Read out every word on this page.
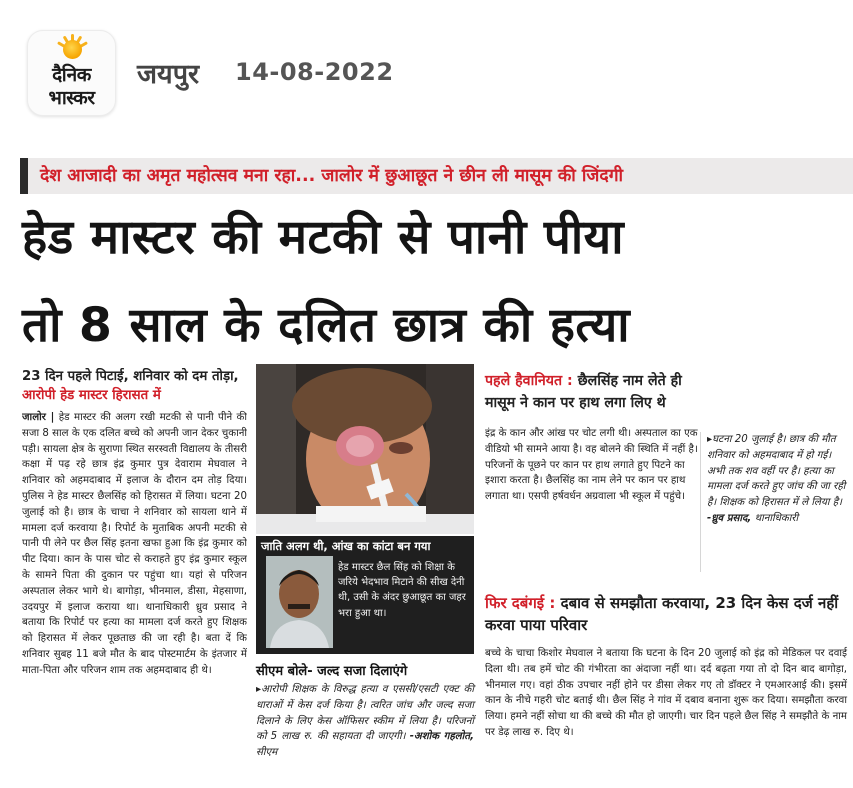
दैनिक
भास्कर
जयपुर 14-08-2022
देश आजादी का अमृत महोत्सव मना रहा... जालोर में छुआछूत ने छीन ली मासूम की जिंदगी
हेड मास्टर की मटकी से पानी पीया
तो 8 साल के दलित छात्र की हत्या
23 दिन पहले पिटाई, शनिवार को दम तोड़ा, आरोपी हेड मास्टर हिरासत में
जालोर | हेड मास्टर की अलग रखी मटकी से पानी पीने की सजा 8 साल के एक दलित बच्चे को अपनी जान देकर चुकानी पड़ी। सायला क्षेत्र के सुराणा स्थित सरस्वती विद्यालय के तीसरी कक्षा में पढ़ रहे छात्र इंद्र कुमार पुत्र देवाराम मेघवाल ने शनिवार को अहमदाबाद में इलाज के दौरान दम तोड़ दिया। पुलिस ने हेड मास्टर छैलसिंह को हिरासत में लिया। घटना 20 जुलाई को है। छात्र के चाचा ने शनिवार को सायला थाने में मामला दर्ज करवाया है। रिपोर्ट के मुताबिक अपनी मटकी से पानी पी लेने पर छैल सिंह इतना खफा हुआ कि इंद्र कुमार को पीट दिया। कान के पास चोट से कराहते हुए इंद्र कुमार स्कूल के सामने पिता की दुकान पर पहुंचा था। यहां से परिजन अस्पताल लेकर भागे थे। बागोड़ा, भीनमाल, डीसा, मेहसाणा, उदयपुर में इलाज कराया था। थानाधिकारी ध्रुव प्रसाद ने बताया कि रिपोर्ट पर हत्या का मामला दर्ज करते हुए शिक्षक को हिरासत में लेकर पूछताछ की जा रही है। बता दें कि शनिवार सुबह 11 बजे मौत के बाद पोस्टमार्टम के इंतजार में माता-पिता और परिजन शाम तक अहमदाबाद ही थे।
जाति अलग थी, आंख का कांटा बन गया
हेड मास्टर छैल सिंह को शिक्षा के जरिये भेदभाव मिटाने की सीख देनी थी, उसी के अंदर छुआछूत का जहर भरा हुआ था।
सीएम बोले- जल्द सजा दिलाएंगे
▸आरोपी शिक्षक के विरुद्ध हत्या व एससी/एसटी एक्ट की धाराओं में केस दर्ज किया है। त्वरित जांच और जल्द सजा दिलाने के लिए केस ऑफिसर स्कीम में लिया है। परिजनों को 5 लाख रु. की सहायता दी जाएगी। -अशोक गहलोत, सीएम
पहले हैवानियत : छैलसिंह नाम लेते ही मासूम ने कान पर हाथ लगा लिए थे
इंद्र के कान और आंख पर चोट लगी थी। अस्पताल का एक वीडियो भी सामने आया है। वह बोलने की स्थिति में नहीं है। परिजनों के पूछने पर कान पर हाथ लगाते हुए पिटने का इशारा करता है। छैलसिंह का नाम लेने पर कान पर हाथ लगाता था। एसपी हर्षवर्धन अग्रवाला भी स्कूल में पहुंचे।
▸घटना 20 जुलाई है। छात्र की मौत शनिवार को अहमदाबाद में हो गई। अभी तक शव वहीं पर है। हत्या का मामला दर्ज करते हुए जांच की जा रही है। शिक्षक को हिरासत में ले लिया है। -ध्रुव प्रसाद, थानाधिकारी
फिर दबंगई : दबाव से समझौता करवाया, 23 दिन केस दर्ज नहीं करवा पाया परिवार
बच्चे के चाचा किशोर मेघवाल ने बताया कि घटना के दिन 20 जुलाई को इंद्र को मेडिकल पर दवाई दिला थी। तब हमें चोट की गंभीरता का अंदाजा नहीं था। दर्द बढ़ता गया तो दो दिन बाद बागोड़ा, भीनमाल गए। वहां ठीक उपचार नहीं होने पर डीसा लेकर गए तो डॉक्टर ने एमआरआई की। इसमें कान के नीचे गहरी चोट बताई थी। छैल सिंह ने गांव में दबाव बनाना शुरू कर दिया। समझौता करवा लिया। हमने नहीं सोचा था की बच्चे की मौत हो जाएगी। चार दिन पहले छैल सिंह ने समझौते के नाम पर डेढ़ लाख रु. दिए थे।
